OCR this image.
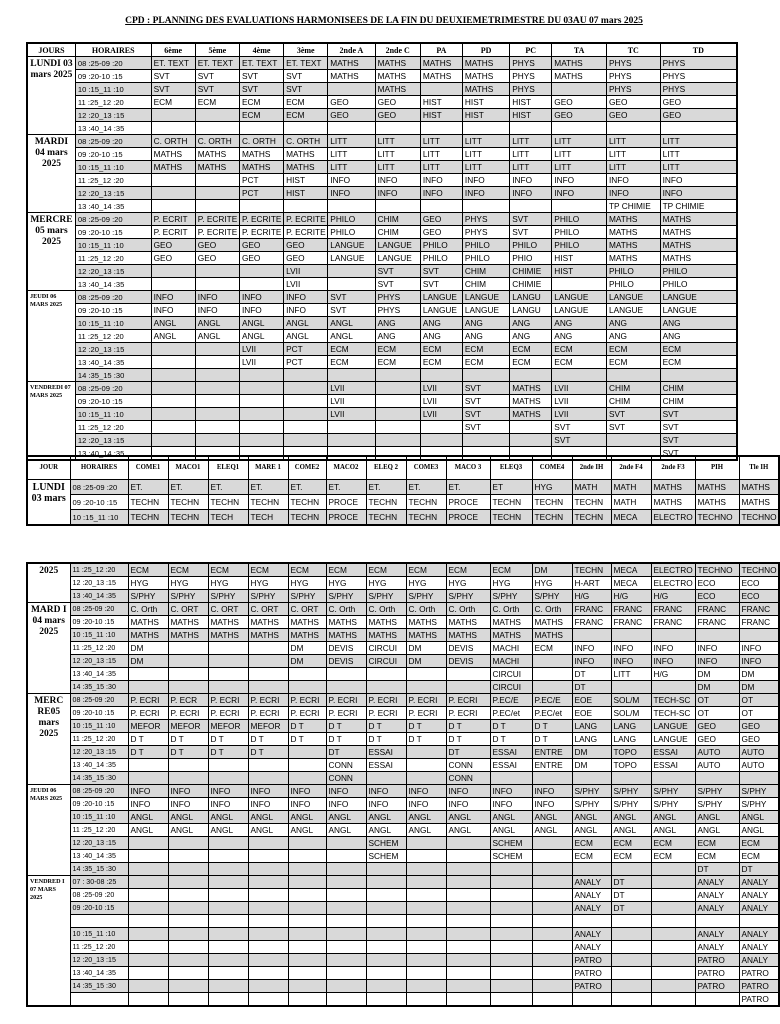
CPD : PLANNING DES EVALUATIONS HARMONISEES DE LA FIN DU DEUXIEMETRIMESTRE DU 03AU 07 mars 2025
JOURS	HORAIRES	6ème	5ème	4ème	3ème	2nde A	2nde C	PA	PD	PC	TA	TC	TD
LUNDI 03 mars 2025	08 :25-09 :20	ET. TEXT	ET. TEXT	ET. TEXT	ET. TEXT	MATHS	MATHS	MATHS	MATHS	PHYS	MATHS	PHYS	PHYS
	09 :20-10 :15	SVT	SVT	SVT	SVT	MATHS	MATHS	MATHS	MATHS	PHYS	MATHS	PHYS	PHYS
	10 :15_11 :10	SVT	SVT	SVT	SVT		MATHS		MATHS	PHYS		PHYS	PHYS
	11 :25_12 :20	ECM	ECM	ECM	ECM	GEO	GEO	HIST	HIST	HIST	GEO	GEO	GEO
	12 :20_13 :15			ECM	ECM	GEO	GEO	HIST	HIST	HIST	GEO	GEO	GEO
	13 :40_14 :35												
MARDI 04 mars 2025	08 :25-09 :20	C. ORTH	C. ORTH	C. ORTH	C. ORTH	LITT	LITT	LITT	LITT	LITT	LITT	LITT	LITT
	09 :20-10 :15	MATHS	MATHS	MATHS	MATHS	LITT	LITT	LITT	LITT	LITT	LITT	LITT	LITT
	10 :15_11 :10	MATHS	MATHS	MATHS	MATHS	LITT	LITT	LITT	LITT	LITT	LITT	LITT	LITT
	11 :25_12 :20			PCT	HIST	INFO	INFO	INFO	INFO	INFO	INFO	INFO	INFO
	12 :20_13 :15			PCT	HIST	INFO	INFO	INFO	INFO	INFO	INFO	INFO	INFO
	13 :40_14 :35											TP CHIMIE	TP CHIMIE
MERCRE 05 mars 2025	08 :25-09 :20	P. ECRIT	P. ECRITE	P. ECRITE	P. ECRITE	PHILO	CHIM	GEO	PHYS	SVT	PHILO	MATHS	MATHS
	09 :20-10 :15	P. ECRIT	P. ECRITE	P. ECRITE	P. ECRITE	PHILO	CHIM	GEO	PHYS	SVT	PHILO	MATHS	MATHS
	10 :15_11 :10	GEO	GEO	GEO	GEO	LANGUE	LANGUE	PHILO	PHILO	PHILO	PHILO	MATHS	MATHS
	11 :25_12 :20	GEO	GEO	GEO	GEO	LANGUE	LANGUE	PHILO	PHILO	PHIO	HIST	MATHS	MATHS
	12 :20_13 :15				LVII		SVT	SVT	CHIM	CHIMIE	HIST	PHILO	PHILO
	13 :40_14 :35				LVII		SVT	SVT	CHIM	CHIMIE		PHILO	PHILO
JEUDI 06 MARS 2025	08 :25-09 :20	INFO	INFO	INFO	INFO	SVT	PHYS	LANGUE	LANGUE	LANGU	LANGUE	LANGUE	LANGUE
	09 :20-10 :15	INFO	INFO	INFO	INFO	SVT	PHYS	LANGUE	LANGUE	LANGU	LANGUE	LANGUE	LANGUE
	10 :15_11 :10	ANGL	ANGL	ANGL	ANGL	ANGL	ANG	ANG	ANG	ANG	ANG	ANG	ANG
	11 :25_12 :20	ANGL	ANGL	ANGL	ANGL	ANGL	ANG	ANG	ANG	ANG	ANG	ANG	ANG
	12 :20_13 :15			LVII	PCT	ECM	ECM	ECM	ECM	ECM	ECM	ECM	ECM
	13 :40_14 :35			LVII	PCT	ECM	ECM	ECM	ECM	ECM	ECM	ECM	ECM
	14 :35_15 :30												
VENDREDI 07 MARS 2025	08 :25-09 :20					LVII		LVII	SVT	MATHS	LVII	CHIM	CHIM
	09 :20-10 :15					LVII		LVII	SVT	MATHS	LVII	CHIM	CHIM
	10 :15_11 :10					LVII		LVII	SVT	MATHS	LVII	SVT	SVT
	11 :25_12 :20								SVT		SVT	SVT	SVT
	12 :20_13 :15										SVT		SVT
	13 :40_14 :35												SVT
JOUR	HORAIRES	COME1	MACO1	ELEQ1	MARE 1	COME2	MACO2	ELEQ 2	COME3	MACO 3	ELEQ3	COME4	2nde IH	2nde F4	2nde F3	PIH	Tle IH
LUNDI 03 mars	08 :25-09 :20	ET.	ET.	ET.	ET.	ET.	ET.	ET.	ET.	ET.	ET	HYG	MATH	MATH	MATHS	MATHS	MATHS
	09 :20-10 :15	TECHN	TECHN	TECHN	TECHN	TECHN	PROCE	TECHN	TECHN	PROCE	TECHN	TECHN	TECHN	MATH	MATHS	MATHS	MATHS
	10 :15_11 :10	TECHN	TECHN	TECH	TECH	TECHN	PROCE	TECHN	TECHN	PROCE	TECHN	TECHN	TECHN	MECA	ELECTRO	TECHNO	TECHNO
2025	11 :25_12 :20	ECM	ECM	ECM	ECM	ECM	ECM	ECM	ECM	ECM	ECM	DM	TECHN	MECA	ELECTRO	TECHNO	TECHNO
	12 :20_13 :15	HYG	HYG	HYG	HYG	HYG	HYG	HYG	HYG	HYG	HYG	HYG	H-ART	MECA	ELECTRO	ECO	ECO
	13 :40_14 :35	S/PHY	S/PHY	S/PHY	S/PHY	S/PHY	S/PHY	S/PHY	S/PHY	S/PHY	S/PHY	S/PHY	H/G	H/G	H/G	ECO	ECO
MARD I 04 mars 2025	08 :25-09 :20	C. Orth	C. ORT	C. ORT	C. ORT	C. ORT	C. Orth	C. Orth	C. Orth	C. Orth	C. Orth	C. Orth	FRANC	FRANC	FRANC	FRANC	FRANC
	09 :20-10 :15	MATHS	MATHS	MATHS	MATHS	MATHS	MATHS	MATHS	MATHS	MATHS	MATHS	MATHS	FRANC	FRANC	FRANC	FRANC	FRANC
	10 :15_11 :10	MATHS	MATHS	MATHS	MATHS	MATHS	MATHS	MATHS	MATHS	MATHS	MATHS	MATHS					
	11 :25_12 :20	DM				DM	DEVIS	CIRCUI	DM	DEVIS	MACHI	ECM	INFO	INFO	INFO	INFO	INFO
	12 :20_13 :15	DM				DM	DEVIS	CIRCUI	DM	DEVIS	MACHI		INFO	INFO	INFO	INFO	INFO
	13 :40_14 :35										CIRCUI		DT	LITT	H/G	DM	DM
	14 :35_15 :30										CIRCUI		DT			DM	DM
MERC RE05 mars 2025	08 :25-09 :20	P. ECRI	P. ECR	P. ECRI	P. ECRI	P. ECRI	P. ECRI	P. ECRI	P. ECRI	P. ECRI	P.EC/E	P.EC/E	EOE	SOL/M	TECH-SC	OT	OT
	09 :20-10 :15	P. ECRI	P. ECRI	P. ECRI	P. ECRI	P. ECRI	P. ECRI	P. ECRI	P. ECRI	P. ECRI	P.EC/et	P.EC/et	EOE	SOL/M	TECH-SC	OT	OT
	10 :15_11 :10	MEFOR	MEFOR	MEFOR	MEFOR	D T	D T	D T	D T	D T	D T	D T	LANG	LANG	LANGUE	GEO	GEO
	11 :25_12 :20	D T	D T	D T	D T	D T	D T	D T	D T	D T	D T	D T	LANG	LANG	LANGUE	GEO	GEO
	12 :20_13 :15	D T	D T	D T	D T		DT	ESSAI		DT	ESSAI	ENTRE	DM	TOPO	ESSAI	AUTO	AUTO
	13 :40_14 :35						CONN	ESSAI		CONN	ESSAI	ENTRE	DM	TOPO	ESSAI	AUTO	AUTO
	14 :35_15 :30						CONN			CONN							
JEUDI 06 MARS 2025	08 :25-09 :20	INFO	INFO	INFO	INFO	INFO	INFO	INFO	INFO	INFO	INFO	INFO	S/PHY	S/PHY	S/PHY	S/PHY	S/PHY
	09 :20-10 :15	INFO	INFO	INFO	INFO	INFO	INFO	INFO	INFO	INFO	INFO	INFO	S/PHY	S/PHY	S/PHY	S/PHY	S/PHY
	10 :15_11 :10	ANGL	ANGL	ANGL	ANGL	ANGL	ANGL	ANGL	ANGL	ANGL	ANGL	ANGL	ANGL	ANGL	ANGL	ANGL	ANGL
	11 :25_12 :20	ANGL	ANGL	ANGL	ANGL	ANGL	ANGL	ANGL	ANGL	ANGL	ANGL	ANGL	ANGL	ANGL	ANGL	ANGL	ANGL
	12 :20_13 :15							SCHEM			SCHEM		ECM	ECM	ECM	ECM	ECM
	13 :40_14 :35							SCHEM			SCHEM		ECM	ECM	ECM	ECM	ECM
	14 :35_15 :30															DT	DT
VENDRED I 07 MARS 2025	07 : 30-08 :25												ANALY	DT		ANALY	ANALY
	08 :25-09 :20												ANALY	DT		ANALY	ANALY
	09 :20-10 :15												ANALY	DT		ANALY	ANALY

	10 :15_11 :10												ANALY			ANALY	ANALY
	11 :25_12 :20												ANALY			ANALY	ANALY
	12 :20_13 :15												PATRO			PATRO	ANALY
	13 :40_14 :35												PATRO			PATRO	PATRO
	14 :35_15 :30												PATRO			PATRO	PATRO
																	PATRO
